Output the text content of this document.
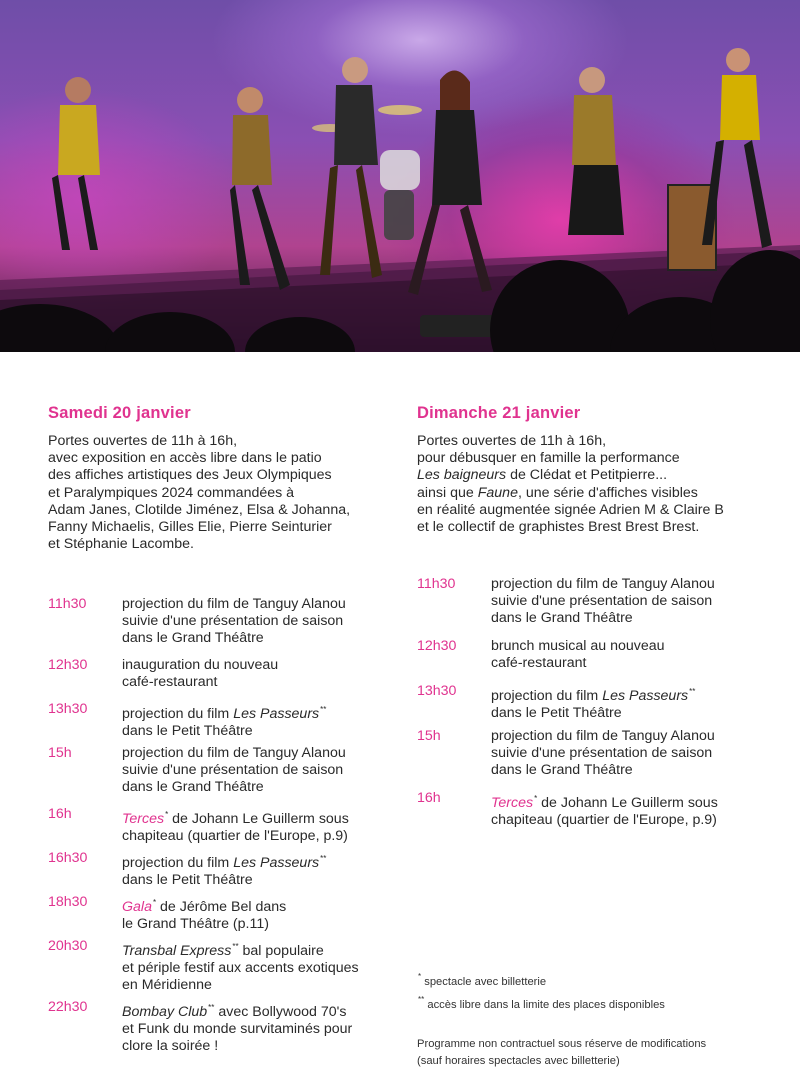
Samedi 20 janvier
Portes ouvertes de 11h à 16h,
avec exposition en accès libre dans le patio
des affiches artistiques des Jeux Olympiques
et Paralympiques 2024 commandées à
Adam Janes, Clotilde Jiménez, Elsa & Johanna,
Fanny Michaelis, Gilles Elie, Pierre Seinturier
et Stéphanie Lacombe.
11h30	projection du film de Tanguy Alanou
suivie d'une présentation de saison
dans le Grand Théâtre
12h30 inauguration du nouveau
café-restaurant
13h30 projection du film Les Passeurs**
dans le Petit Théâtre
15h	projection du film de Tanguy Alanou
suivie d'une présentation de saison
dans le Grand Théâtre
16h	Terces* de Johann Le Guillerm sous
chapiteau (quartier de l'Europe, p.9)
16h30 projection du film Les Passeurs**
dans le Petit Théâtre
18h30 Gala* de Jérôme Bel dans
le Grand Théâtre (p.11)
20h30 Transbal Express** bal populaire
et périple festif aux accents exotiques
en Méridienne
22h30 Bombay Club** avec Bollywood 70's
et Funk du monde survitaminés pour
clore la soirée !
Dimanche 21 janvier
Portes ouvertes de 11h à 16h,
pour débusquer en famille la performance
Les baigneurs de Clédat et Petitpierre...
ainsi que Faune, une série d'affiches visibles
en réalité augmentée signée Adrien M & Claire B
et le collectif de graphistes Brest Brest Brest.
11h30	projection du film de Tanguy Alanou
suivie d'une présentation de saison
dans le Grand Théâtre
12h30 brunch musical au nouveau
café-restaurant
13h30 projection du film Les Passeurs**
dans le Petit Théâtre
15h	projection du film de Tanguy Alanou
suivie d'une présentation de saison
dans le Grand Théâtre
16h	Terces* de Johann Le Guillerm sous
chapiteau (quartier de l'Europe, p.9)
* spectacle avec billetterie
** accès libre dans la limite des places disponibles
Programme non contractuel sous réserve de modifications
(sauf horaires spectacles avec billetterie)
